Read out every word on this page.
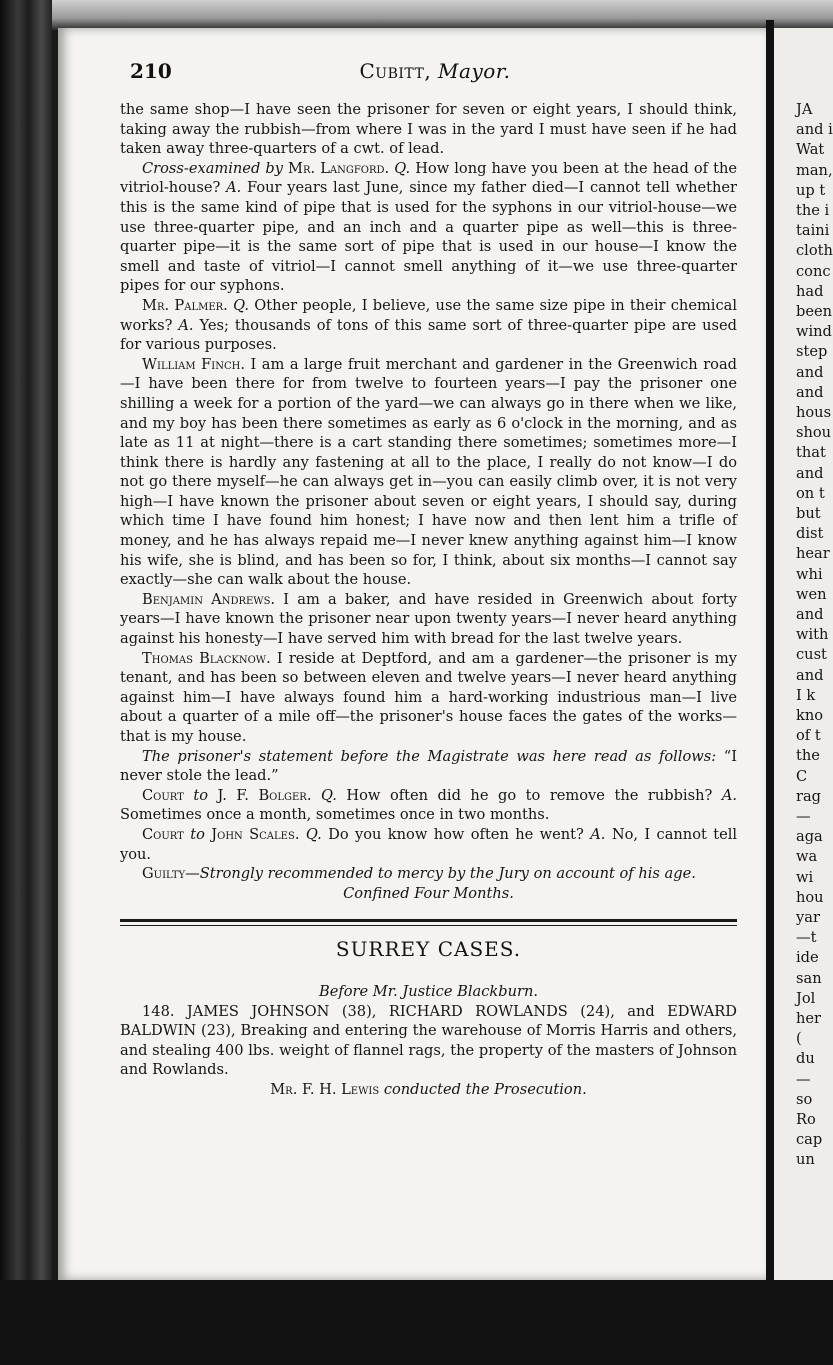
JA
and i
Wat
man,
up t
the i
taini
cloth
conc
had
been
wind
step
and
and
hous
shou
that
and
on t
but
dist
hear
whi
wen
and
with
cust
and
I k
kno
of t
the
C
rag
—
aga
wa
wi
hou
yar
—t
ide
san
Jol
her
(
du
—
so
Ro
cap
un
210	Cubitt, Mayor.

the same shop—I have seen the prisoner for seven or eight years, I should think, taking away the rubbish—from where I was in the yard I must have seen if he had taken away three-quarters of a cwt. of lead.

Cross-examined by Mr. Langford. Q. How long have you been at the head of the vitriol-house? A. Four years last June, since my father died—I cannot tell whether this is the same kind of pipe that is used for the syphons in our vitriol-house—we use three-quarter pipe, and an inch and a quarter pipe as well—this is three-quarter pipe—it is the same sort of pipe that is used in our house—I know the smell and taste of vitriol—I cannot smell anything of it—we use three-quarter pipes for our syphons.

Mr. Palmer. Q. Other people, I believe, use the same size pipe in their chemical works? A. Yes; thousands of tons of this same sort of three-quarter pipe are used for various purposes.

William Finch. I am a large fruit merchant and gardener in the Greenwich road—I have been there for from twelve to fourteen years—I pay the prisoner one shilling a week for a portion of the yard—we can always go in there when we like, and my boy has been there sometimes as early as 6 o'clock in the morning, and as late as 11 at night—there is a cart standing there sometimes; sometimes more—I think there is hardly any fastening at all to the place, I really do not know—I do not go there myself—he can always get in—you can easily climb over, it is not very high—I have known the prisoner about seven or eight years, I should say, during which time I have found him honest; I have now and then lent him a trifle of money, and he has always repaid me—I never knew anything against him—I know his wife, she is blind, and has been so for, I think, about six months—I cannot say exactly—she can walk about the house.

Benjamin Andrews. I am a baker, and have resided in Greenwich about forty years—I have known the prisoner near upon twenty years—I never heard anything against his honesty—I have served him with bread for the last twelve years.

Thomas Blacknow. I reside at Deptford, and am a gardener—the prisoner is my tenant, and has been so between eleven and twelve years—I never heard anything against him—I have always found him a hard-working industrious man—I live about a quarter of a mile off—the prisoner's house faces the gates of the works—that is my house.

The prisoner's statement before the Magistrate was here read as follows: “I never stole the lead.”

Court to J. F. Bolger. Q. How often did he go to remove the rubbish? A. Sometimes once a month, sometimes once in two months.

Court to John Scales. Q. Do you know how often he went? A. No, I cannot tell you.

Guilty—Strongly recommended to mercy by the Jury on account of his age.

Confined Four Months.

SURREY CASES.

Before Mr. Justice Blackburn.

148. JAMES JOHNSON (38), RICHARD ROWLANDS (24), and EDWARD BALDWIN (23), Breaking and entering the warehouse of Morris Harris and others, and stealing 400 lbs. weight of flannel rags, the property of the masters of Johnson and Rowlands.

Mr. F. H. Lewis conducted the Prosecution.
